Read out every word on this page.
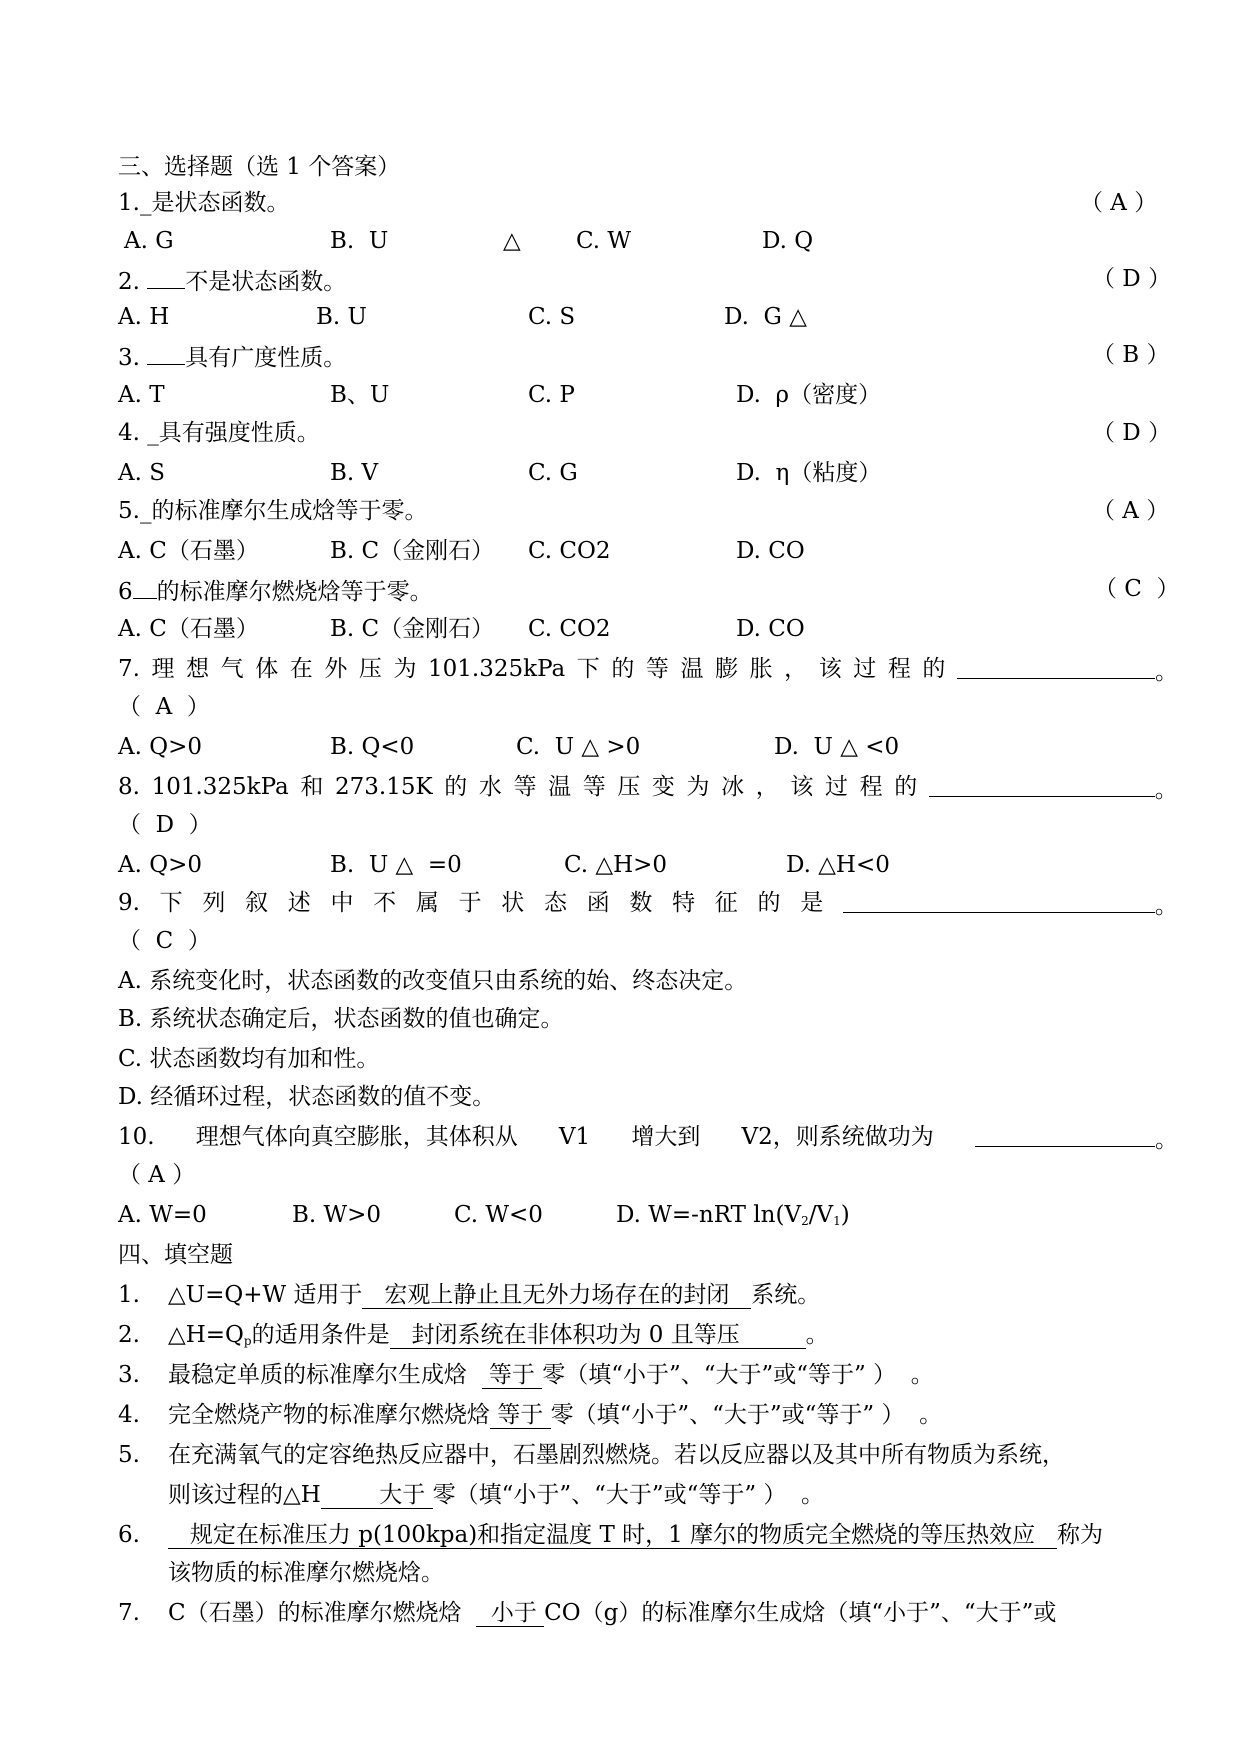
三、选择题（选 1 个答案）
1._是状态函数。	（ A ）
A. G	B.  U	△ C. W	D. Q
2. 不是状态函数。	（ D ）
A. H	B. U	C. S	D.  G △
3. 具有广度性质。	（ B ）
A. T	B、U	C. P	D.  ρ（密度）
4. _具有强度性质。	（ D ）
A. S	B. V	C. G	D.  η（粘度）
5._的标准摩尔生成焓等于零。	（ A ）
A. C（石墨）	B. C（金刚石） C. CO2	D. CO
6 的标准摩尔燃烧焓等于零。	（ C  ）
A. C（石墨）	B. C（金刚石） C. CO2	D. CO
7. 理 想 气 体 在 外 压 为 101.325kPa 下 的 等 温 膨 胀 ， 该 过 程 的	。
（  A  ）
A. Q>0	B. Q<0	C.  U △ >0	D.  U △ <0
8. 101.325kPa 和 273.15K 的 水 等 温 等 压 变 为 冰 ， 该 过 程 的	。
（  D  ）
A. Q>0	B.  U △  =0	C. △H>0	D. △H<0
9. 下 列 叙 述 中 不 属 于 状 态 函 数 特 征 的 是	。
（  C  ）
A. 系统变化时，状态函数的改变值只由系统的始、终态决定。
B. 系统状态确定后，状态函数的值也确定。
C. 状态函数均有加和性。
D. 经循环过程，状态函数的值不变。
10. 理想气体向真空膨胀，其体积从 V1 增大到 V2，则系统做功为	。
（ A ）
A. W=0	B. W>0	C. W<0	D. W=-nRT $\ln(V_2/V_1)$
四、填空题
1. △U=Q+W 适用于   宏观上静止且无外力场存在的封闭   系统。
2. $\triangle H=Q_p$的适用条件是   封闭系统在非体积功为 0 且等压         。
3. 最稳定单质的标准摩尔生成焓   等于 零（填“小于”、“大于”或“等于” ）  。
4. 完全燃烧产物的标准摩尔燃烧焓 等于 零（填“小于”、“大于”或“等于” ）  。
5. 在充满氧气的定容绝热反应器中，石墨剧烈燃烧。若以反应器以及其中所有物质为系统，
则该过程的△H        大于 零（填“小于”、“大于”或“等于” ）  。
6. 规定在标准压力 p(100kpa)和指定温度 T 时，1 摩尔的物质完全燃烧的等压热效应   称为
该物质的标准摩尔燃烧焓。
7. C（石墨）的标准摩尔燃烧焓    小于 CO（g）的标准摩尔生成焓（填“小于”、“大于”或
